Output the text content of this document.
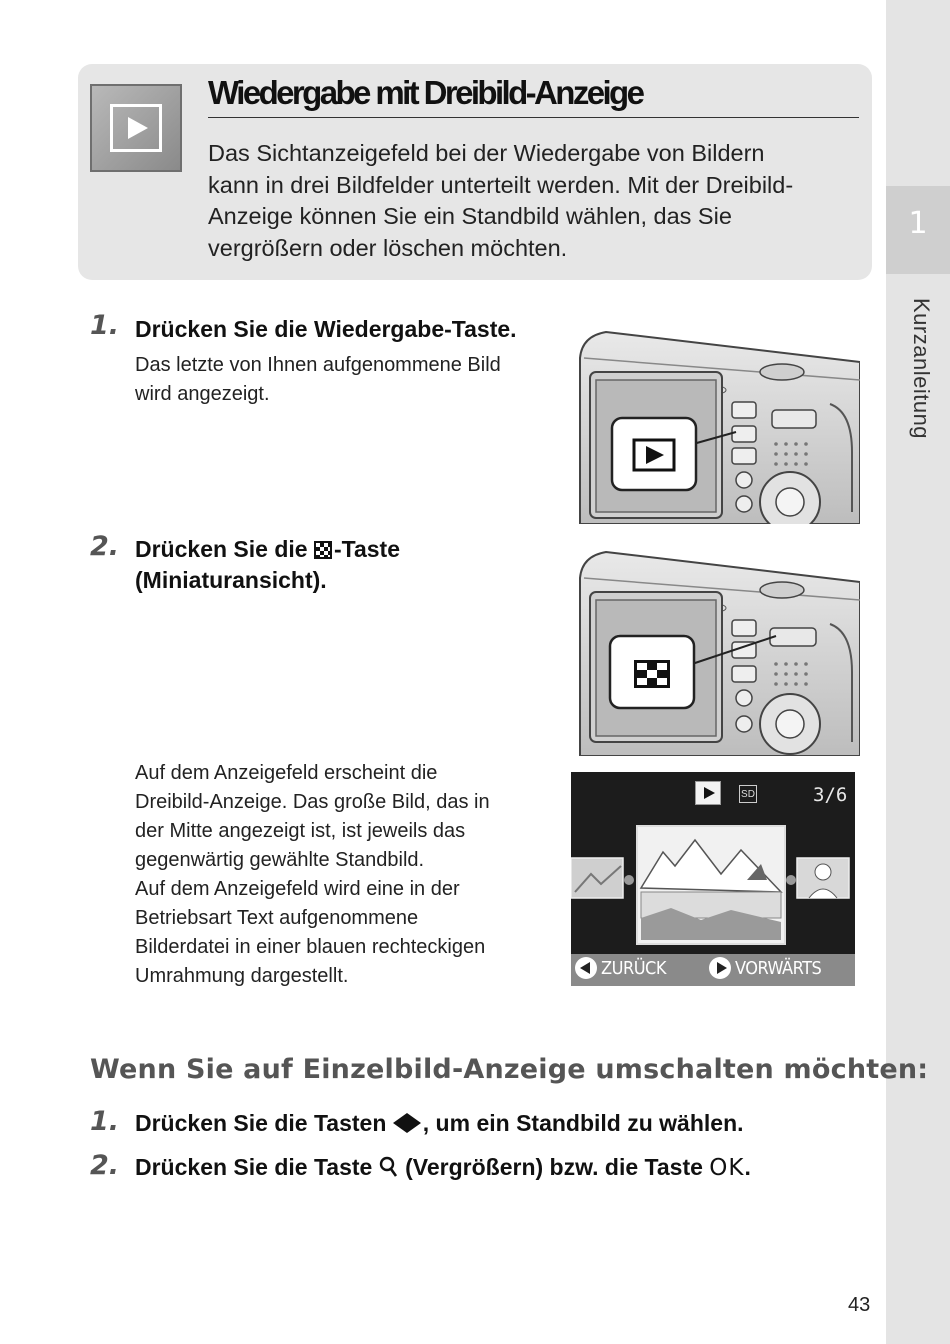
1
Kurzanleitung
Wiedergabe mit Dreibild-Anzeige
Das Sichtanzeigefeld bei der Wiedergabe von Bildern
kann in drei Bildfelder unterteilt werden. Mit der Dreibild-
Anzeige können Sie ein Standbild wählen, das Sie
vergrößern oder löschen möchten.
1. Drücken Sie die Wiedergabe-Taste.
Das letzte von Ihnen aufgenommene Bild
wird angezeigt.
2. Drücken Sie die -Taste
(Miniaturansicht).
Auf dem Anzeigefeld erscheint die
Dreibild-Anzeige. Das große Bild, das in
der Mitte angezeigt ist, ist jeweils das
gegenwärtig gewählte Standbild.
Auf dem Anzeigefeld wird eine in der
Betriebsart Text aufgenommene
Bilderdatei in einer blauen rechteckigen
Umrahmung dargestellt.
SD	3/6
ZURÜCK	VORWÄRTS
Wenn Sie auf Einzelbild-Anzeige umschalten möchten:
1. Drücken Sie die Tasten , um ein Standbild zu wählen.
2. Drücken Sie die Taste  (Vergrößern) bzw. die Taste OK.
43
